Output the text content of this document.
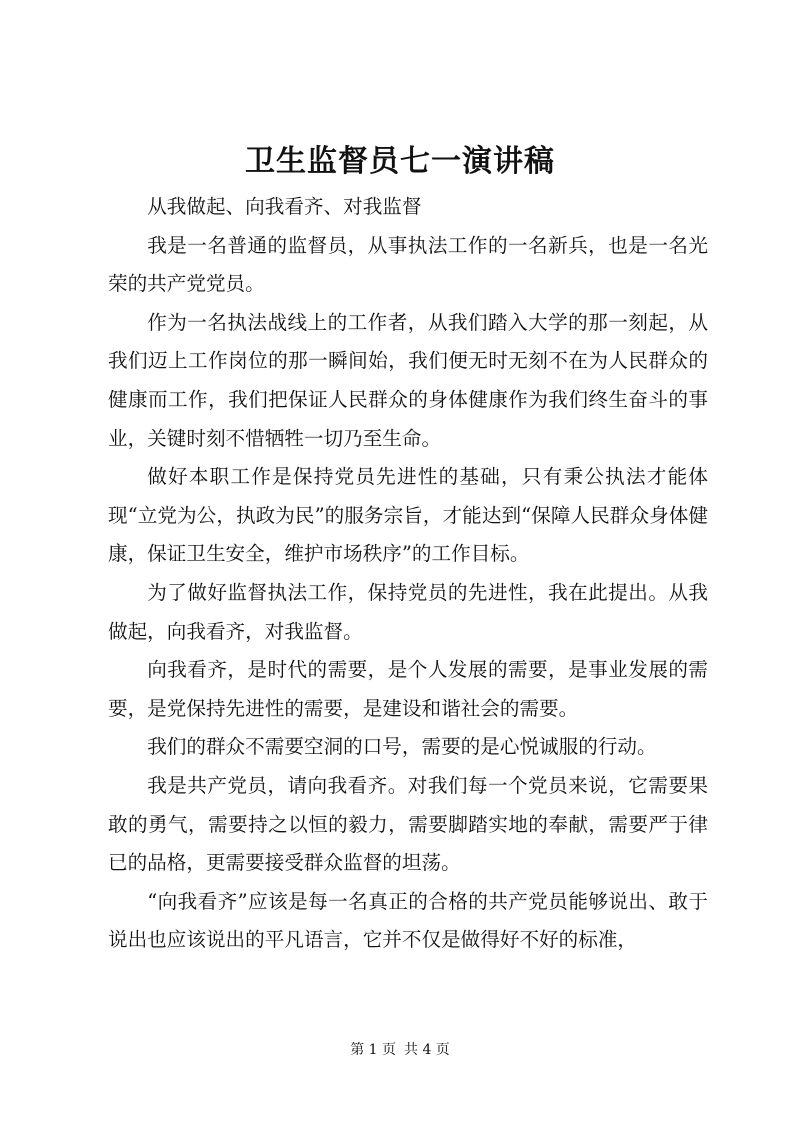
卫生监督员七一演讲稿

从我做起、向我看齐、对我监督

我是一名普通的监督员，从事执法工作的一名新兵，也是一名光荣的共产党党员。

作为一名执法战线上的工作者，从我们踏入大学的那一刻起，从我们迈上工作岗位的那一瞬间始，我们便无时无刻不在为人民群众的健康而工作，我们把保证人民群众的身体健康作为我们终生奋斗的事业，关键时刻不惜牺牲一切乃至生命。

做好本职工作是保持党员先进性的基础，只有秉公执法才能体现“立党为公，执政为民”的服务宗旨，才能达到“保障人民群众身体健康，保证卫生安全，维护市场秩序”的工作目标。

为了做好监督执法工作，保持党员的先进性，我在此提出。从我做起，向我看齐，对我监督。

向我看齐，是时代的需要，是个人发展的需要，是事业发展的需要，是党保持先进性的需要，是建设和谐社会的需要。

我们的群众不需要空洞的口号，需要的是心悦诚服的行动。

我是共产党员，请向我看齐。对我们每一个党员来说，它需要果敢的勇气，需要持之以恒的毅力，需要脚踏实地的奉献，需要严于律已的品格，更需要接受群众监督的坦荡。

“向我看齐”应该是每一名真正的合格的共产党员能够说出、敢于说出也应该说出的平凡语言，它并不仅是做得好不好的标准，

第 1 页 共 4 页
